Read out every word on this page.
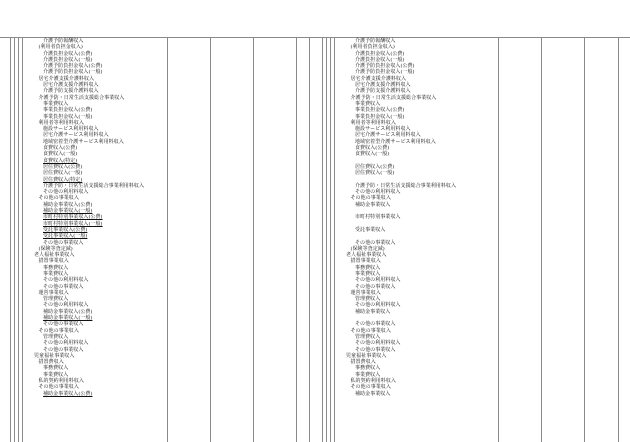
介護予防報酬収入
(利用者負担金収入)
介護負担金収入(公費)
介護負担金収入(一般)
介護予防負担金収入(公費)
介護予防負担金収入(一般)
居宅介護支援介護料収入
居宅介護支援介護料収入
介護予防支援介護料収入
介護予防・日常生活支援総合事業収入
事業費収入
事業負担金収入(公費)
事業負担金収入(一般)
利用者等利用料収入
施設サービス利用料収入
居宅介護サービス利用料収入
地域密着型介護サービス利用料収入
食費収入(公費)
食費収入(一般)
食費収入(特定)
居住費収入(公費)
居住費収入(一般)
居住費収入(特定)
介護予防・日常生活支援総合事業利用料収入
その他の利用料収入
その他の事業収入
補助金事業収入(公費)
補助金事業収入(一般)
市町村特別事業収入(公費)
市町村特別事業収入(一般)
受託事業収入(公費)
受託事業収入(一般)
その他の事業収入
(保険等査定減)
老人福祉事業収入
措置事業収入
事務費収入
事業費収入
その他の利用料収入
その他の事業収入
運営事業収入
管理費収入
その他の利用料収入
補助金事業収入(公費)
補助金事業収入(一般)
その他の事業収入
その他の事業収入
管理費収入
その他の利用料収入
その他の事業収入
児童福祉事業収入
措置費収入
事務費収入
事業費収入
私的契約利用料収入
その他の事業収入
補助金事業収入(公費)
介護予防報酬収入
(利用者負担金収入)
介護負担金収入(公費)
介護負担金収入(一般)
介護予防負担金収入(公費)
介護予防負担金収入(一般)
居宅介護支援介護料収入
居宅介護支援介護料収入
介護予防支援介護料収入
介護予防・日常生活支援総合事業収入
事業費収入
事業負担金収入(公費)
事業負担金収入(一般)
利用者等利用料収入
施設サービス利用料収入
居宅介護サービス利用料収入
地域密着型介護サービス利用料収入
食費収入(公費)
食費収入(一般)
居住費収入(公費)
居住費収入(一般)
介護予防・日常生活支援総合事業利用料収入
その他の利用料収入
その他の事業収入
補助金事業収入
市町村特別事業収入
受託事業収入
その他の事業収入
(保険等査定減)
老人福祉事業収入
措置事業収入
事務費収入
事業費収入
その他の利用料収入
その他の事業収入
運営事業収入
管理費収入
その他の利用料収入
補助金事業収入
その他の事業収入
その他の事業収入
管理費収入
その他の利用料収入
その他の事業収入
児童福祉事業収入
措置費収入
事務費収入
事業費収入
私的契約利用料収入
その他の事業収入
補助金事業収入
